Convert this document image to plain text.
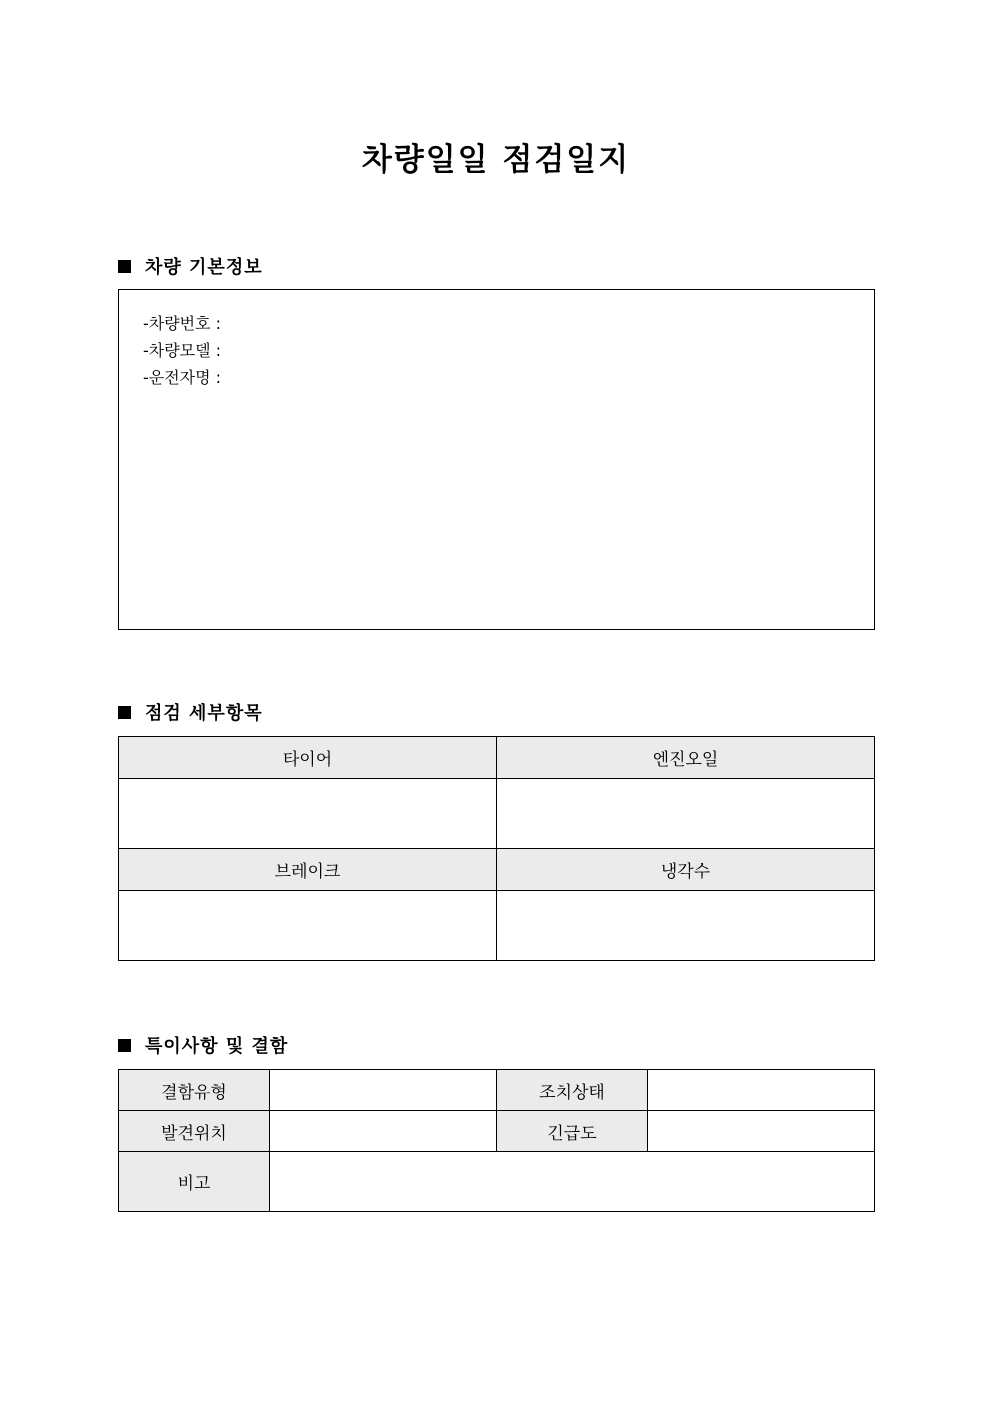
차량일일 점검일지
차량 기본정보
-차량번호 :
-차량모델 :
-운전자명 :
점검 세부항목
타이어	엔진오일

브레이크	냉각수

특이사항 및 결함
결함유형		조치상태	
발견위치		긴급도	
비고			
